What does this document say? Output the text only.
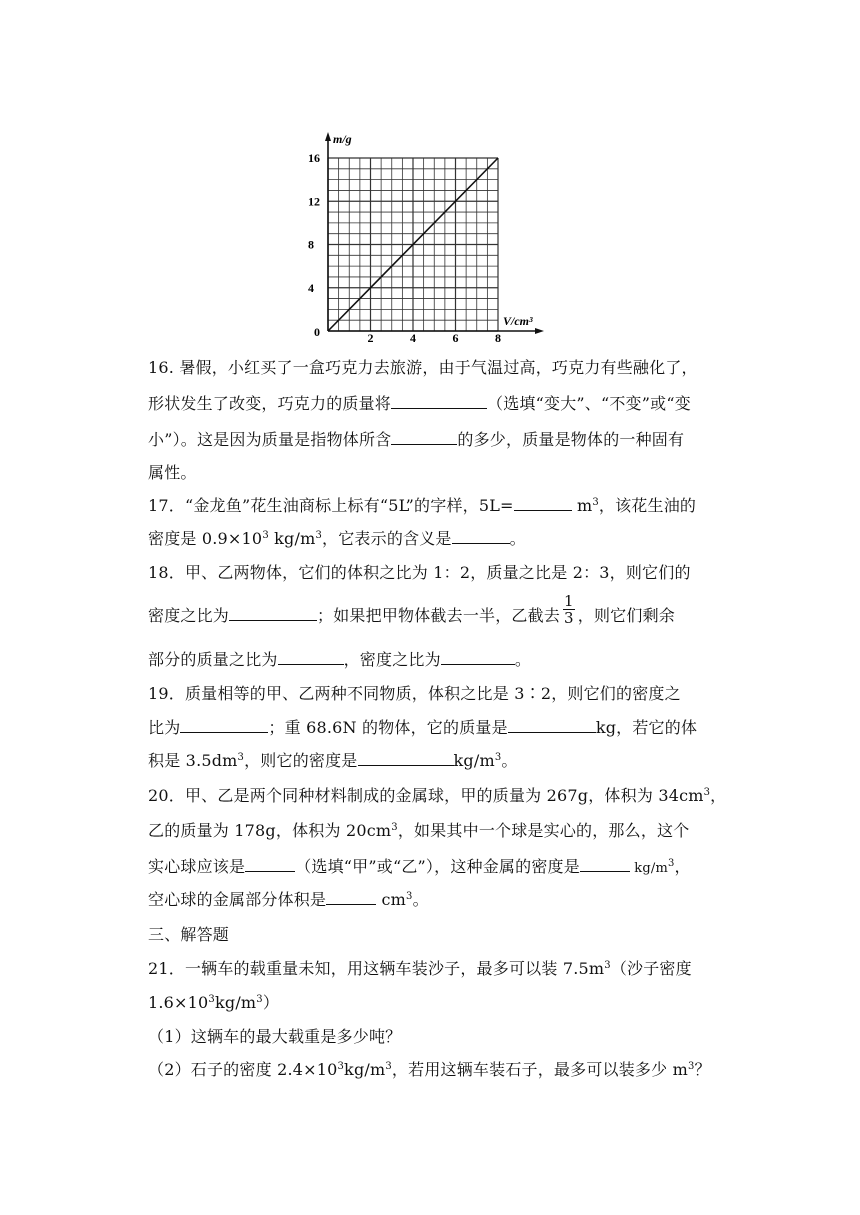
m/g
V/cm³
0
4
8
12
16
2	4	6	8
16. 暑假，小红买了一盒巧克力去旅游，由于气温过高，巧克力有些融化了，
形状发生了改变，巧克力的质量将	（选填“变大”、“不变”或“变
小”）。这是因为质量是指物体所含	的多少，质量是物体的一种固有
属性。
17．“金龙鱼”花生油商标上标有“5L”的字样，5L=	$m^3$，该花生油的
密度是 $0.9\times 10^3$ $kg/m^3$，它表示的含义是	。
18．甲、乙两物体，它们的体积之比为 1：2，质量之比是 2：3，则它们的
密度之比为	；如果把甲物体截去一半，乙截去 $\frac{1}{3}$ ，则它们剩余
部分的质量之比为	，密度之比为	。
19．质量相等的甲、乙两种不同物质，体积之比是 3∶2，则它们的密度之
比为	；重 68.6N 的物体，它的质量是	kg，若它的体
积是 $3.5dm^3$，则它的密度是	$kg/m^3$。
20．甲、乙是两个同种材料制成的金属球，甲的质量为 267g，体积为 $34cm^3$，
乙的质量为 178g，体积为 $20cm^3$，如果其中一个球是实心的，那么，这个
实心球应该是	（选填“甲”或“乙”），这种金属的密度是	$kg/m^3$，
空心球的金属部分体积是	$cm^3$。
三、解答题
21．一辆车的载重量未知，用这辆车装沙子，最多可以装 $7.5m^3$（沙子密度
$1.6\times 10^3kg/m^3$）
（1）这辆车的最大载重是多少吨？
（2）石子的密度 $2.4\times 10^3kg/m^3$，若用这辆车装石子，最多可以装多少 $m^3$？
